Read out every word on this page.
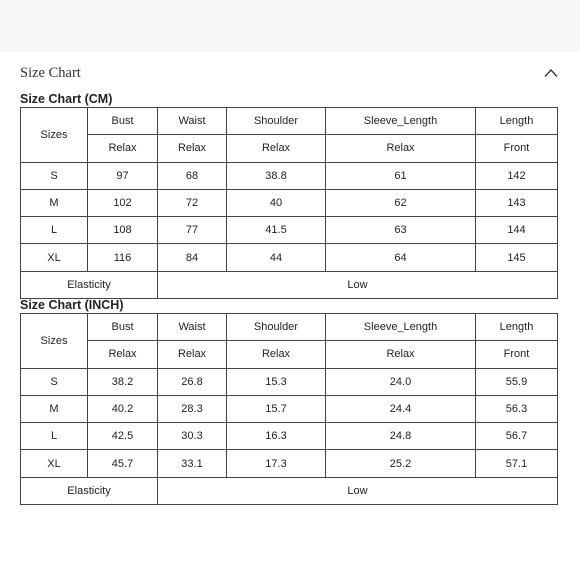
Size Chart
Size Chart (CM)
Sizes	Bust	Waist	Shoulder	Sleeve_Length	Length
	Relax	Relax	Relax	Relax	Front
S	97	68	38.8	61	142
M	102	72	40	62	143
L	108	77	41.5	63	144
XL	116	84	44	64	145
Elasticity		Low			
Size Chart (INCH)
Sizes	Bust	Waist	Shoulder	Sleeve_Length	Length
	Relax	Relax	Relax	Relax	Front
S	38.2	26.8	15.3	24.0	55.9
M	40.2	28.3	15.7	24.4	56.3
L	42.5	30.3	16.3	24.8	56.7
XL	45.7	33.1	17.3	25.2	57.1
Elasticity		Low			
